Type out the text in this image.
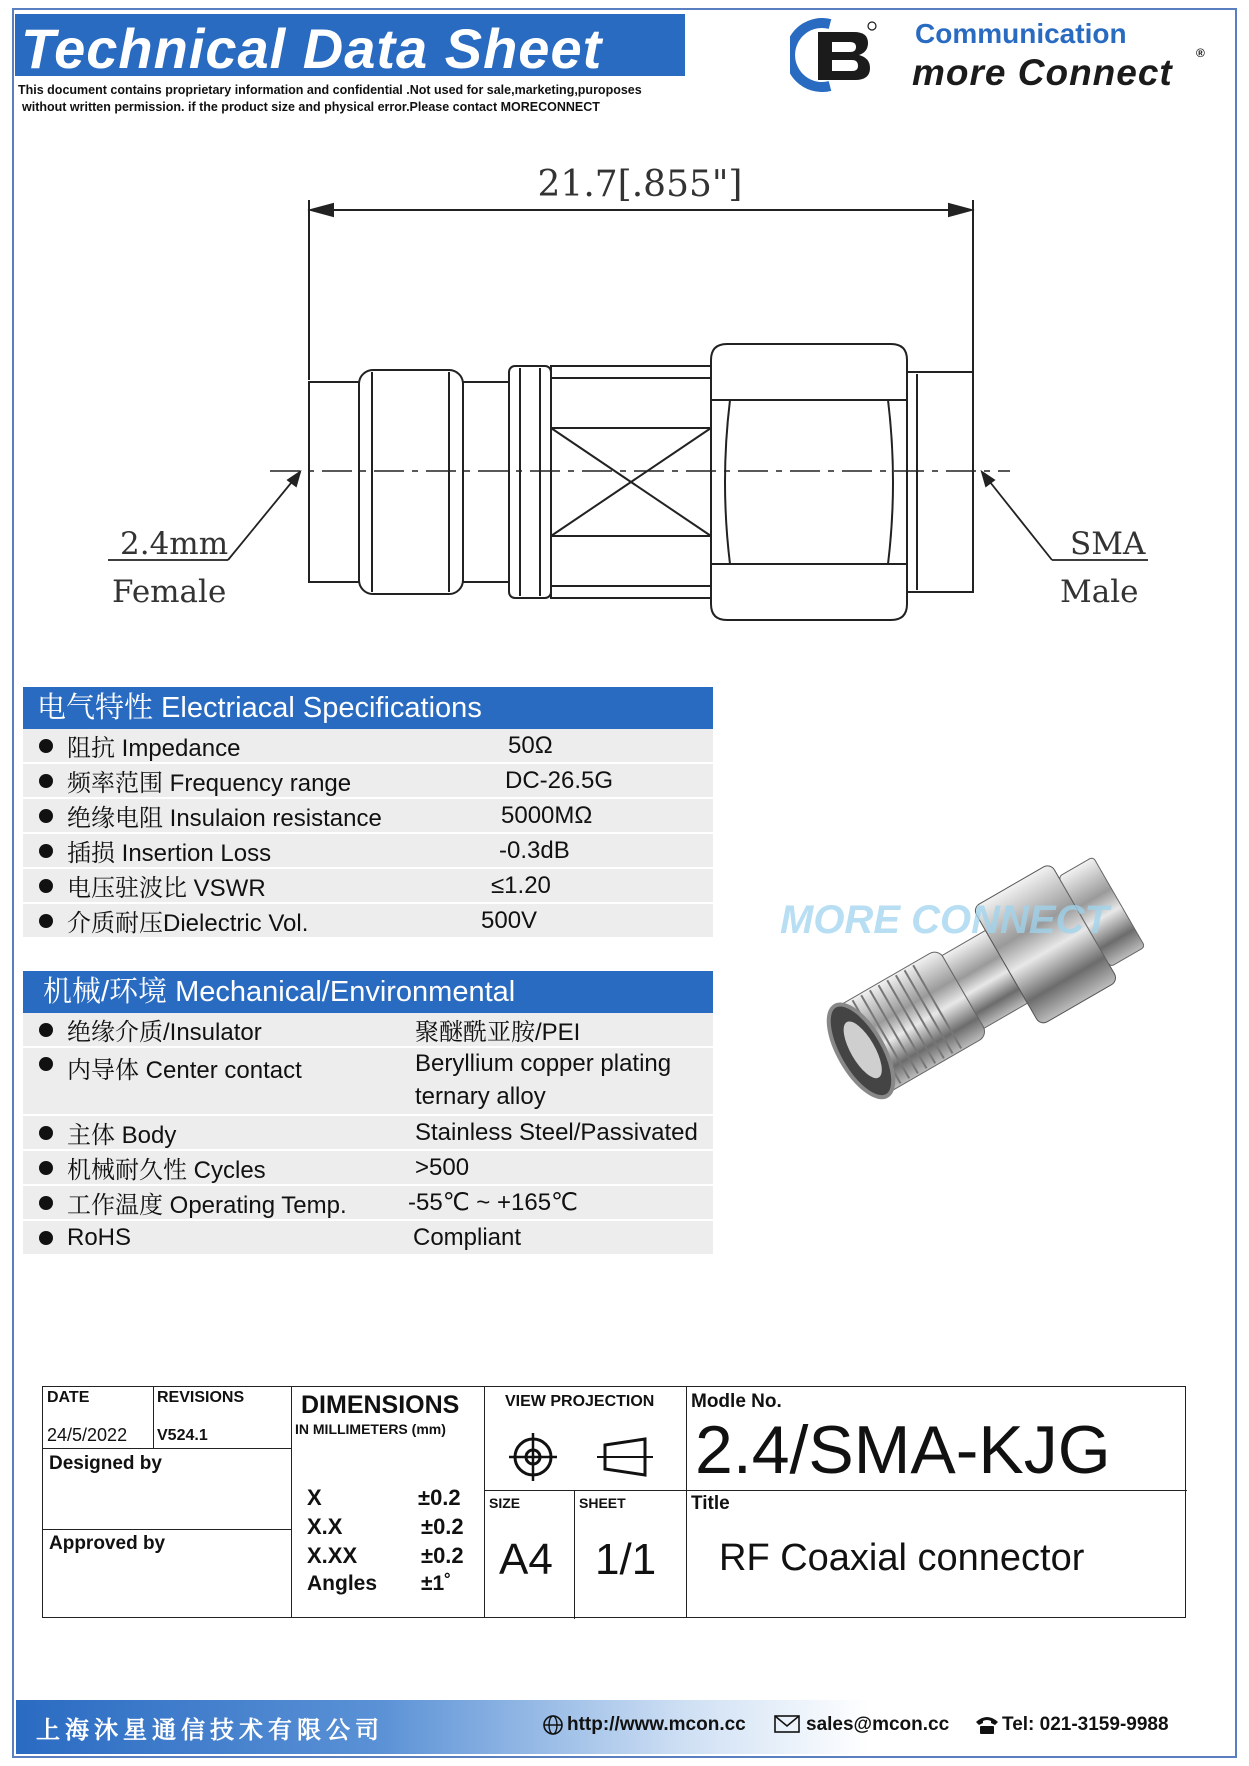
Technical Data Sheet
This document contains proprietary information and confidential .Not used for sale,marketing,puroposes
without written permission. if the product size and physical error.Please contact MORECONNECT
Communication
more Connect ®
21.7[.855"]
2.4mm
Female
SMA
Male
电气特性 Electriacal Specifications
阻抗 Impedance	50Ω
频率范围 Frequency range	DC-26.5G
绝缘电阻 Insulaion resistance	5000MΩ
插损 Insertion Loss	-0.3dB
电压驻波比 VSWR	≤1.20
介质耐压Dielectric Vol.	500V
机械/环境 Mechanical/Environmental
绝缘介质/Insulator	聚醚酰亚胺/PEI
内导体 Center contact	Beryllium copper plating
ternary alloy
主体 Body	Stainless Steel/Passivated
机械耐久性 Cycles	>500
工作温度 Operating Temp.	-55℃ ~ +165℃
RoHS	Compliant
MORE CONNECT
DATE
24/5/2022
REVISIONS
V524.1
Designed by
Approved by
DIMENSIONS
IN MILLIMETERS (mm)
X	±0.2
X.X	±0.2
X.XX	±0.2
Angles ±1˚
VIEW PROJECTION
SIZE
A4
SHEET
1/1
Modle No.
2.4/SMA-KJG
Title
RF Coaxial connector
上海沐星通信技术有限公司	http://www.mcon.cc	sales@mcon.cc	Tel: 021-3159-9988
